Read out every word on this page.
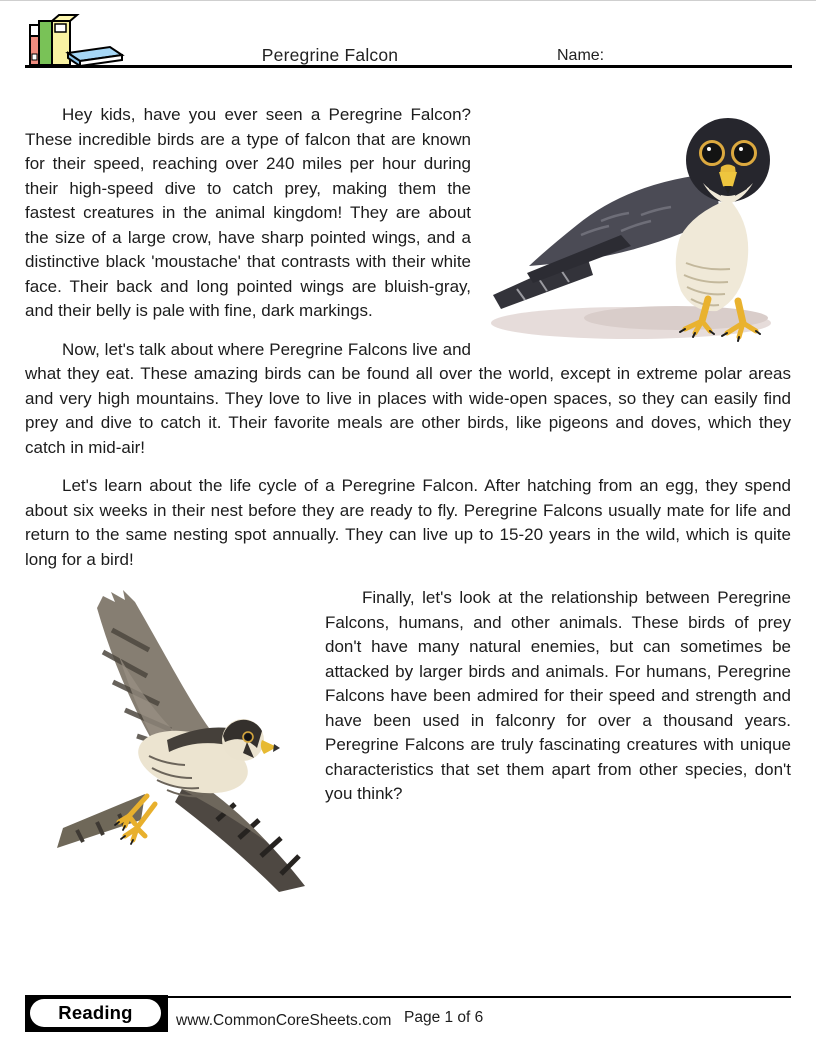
Peregrine Falcon	Name:

Hey kids, have you ever seen a Peregrine Falcon? These incredible birds are a type of falcon that are known for their speed, reaching over 240 miles per hour during their high-speed dive to catch prey, making them the fastest creatures in the animal kingdom! They are about the size of a large crow, have sharp pointed wings, and a distinctive black 'moustache' that contrasts with their white face. Their back and long pointed wings are bluish-gray, and their belly is pale with fine, dark markings.

Now, let's talk about where Peregrine Falcons live and what they eat. These amazing birds can be found all over the world, except in extreme polar areas and very high mountains. They love to live in places with wide-open spaces, so they can easily find prey and dive to catch it. Their favorite meals are other birds, like pigeons and doves, which they catch in mid-air!

Let's learn about the life cycle of a Peregrine Falcon. After hatching from an egg, they spend about six weeks in their nest before they are ready to fly. Peregrine Falcons usually mate for life and return to the same nesting spot annually. They can live up to 15-20 years in the wild, which is quite long for a bird!

Finally, let's look at the relationship between Peregrine Falcons, humans, and other animals. These birds of prey don't have many natural enemies, but can sometimes be attacked by larger birds and animals. For humans, Peregrine Falcons have been admired for their speed and strength and have been used in falconry for over a thousand years. Peregrine Falcons are truly fascinating creatures with unique characteristics that set them apart from other species, don't you think?

Reading	www.CommonCoreSheets.com Page 1 of 6
